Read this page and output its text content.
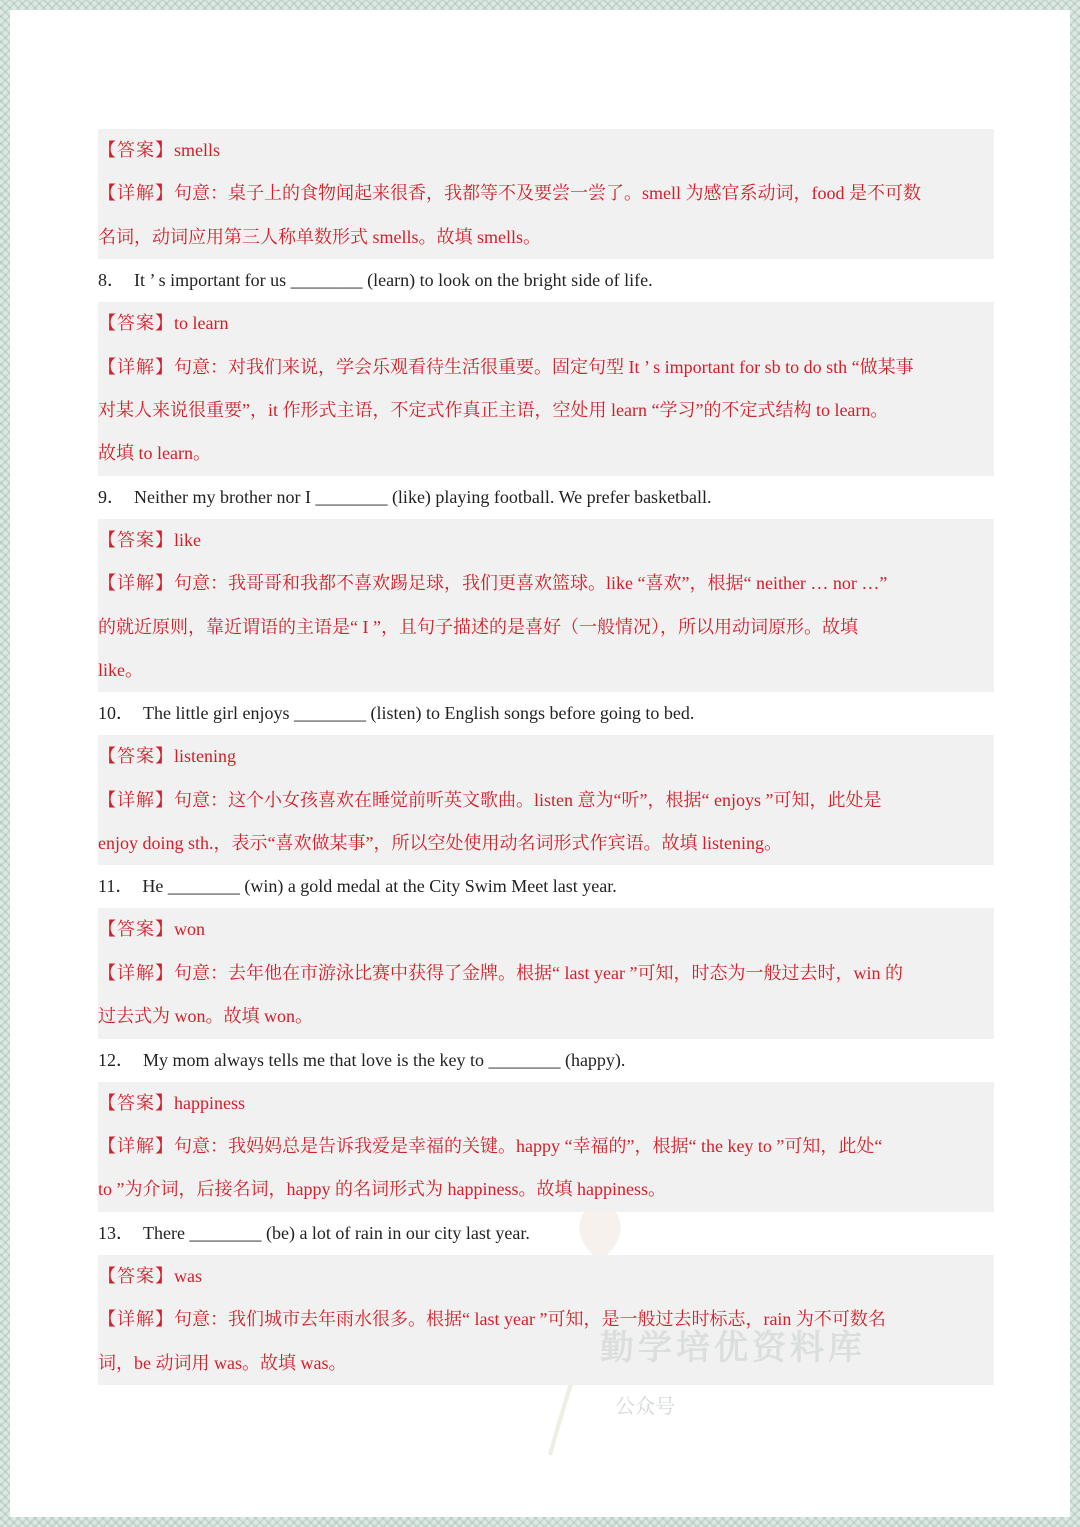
【答案】smells
【详解】句意：桌子上的食物闻起来很香，我都等不及要尝一尝了。smell 为感官系动词，food 是不可数
名词，动词应用第三人称单数形式 smells。故填 smells。
8． It ’ s important for us ________ (learn) to look on the bright side of life.
【答案】to learn
【详解】句意：对我们来说，学会乐观看待生活很重要。固定句型 It ’ s important for sb to do sth “做某事
对某人来说很重要”，it 作形式主语，不定式作真正主语，空处用 learn “学习”的不定式结构 to learn。
故填 to learn。
9． Neither my brother nor I ________ (like) playing football. We prefer basketball.
【答案】like
【详解】句意：我哥哥和我都不喜欢踢足球，我们更喜欢篮球。like “喜欢”，根据“ neither … nor …”
的就近原则，靠近谓语的主语是“ I ”，且句子描述的是喜好（一般情况），所以用动词原形。故填
like。
10． The little girl enjoys ________ (listen) to English songs before going to bed.
【答案】listening
【详解】句意：这个小女孩喜欢在睡觉前听英文歌曲。listen 意为“听”，根据“ enjoys ”可知，此处是
enjoy doing sth.，表示“喜欢做某事”，所以空处使用动名词形式作宾语。故填 listening。
11． He ________ (win) a gold medal at the City Swim Meet last year.
【答案】won
【详解】句意：去年他在市游泳比赛中获得了金牌。根据“ last year ”可知，时态为一般过去时，win 的
过去式为 won。故填 won。
12． My mom always tells me that love is the key to ________ (happy).
【答案】happiness
【详解】句意：我妈妈总是告诉我爱是幸福的关键。happy “幸福的”，根据“ the key to ”可知，此处“
to ”为介词，后接名词，happy 的名词形式为 happiness。故填 happiness。
13． There ________ (be) a lot of rain in our city last year.
【答案】was
【详解】句意：我们城市去年雨水很多。根据“ last year ”可知，是一般过去时标志，rain 为不可数名
词，be 动词用 was。故填 was。	勤学培优资料库
公众号
